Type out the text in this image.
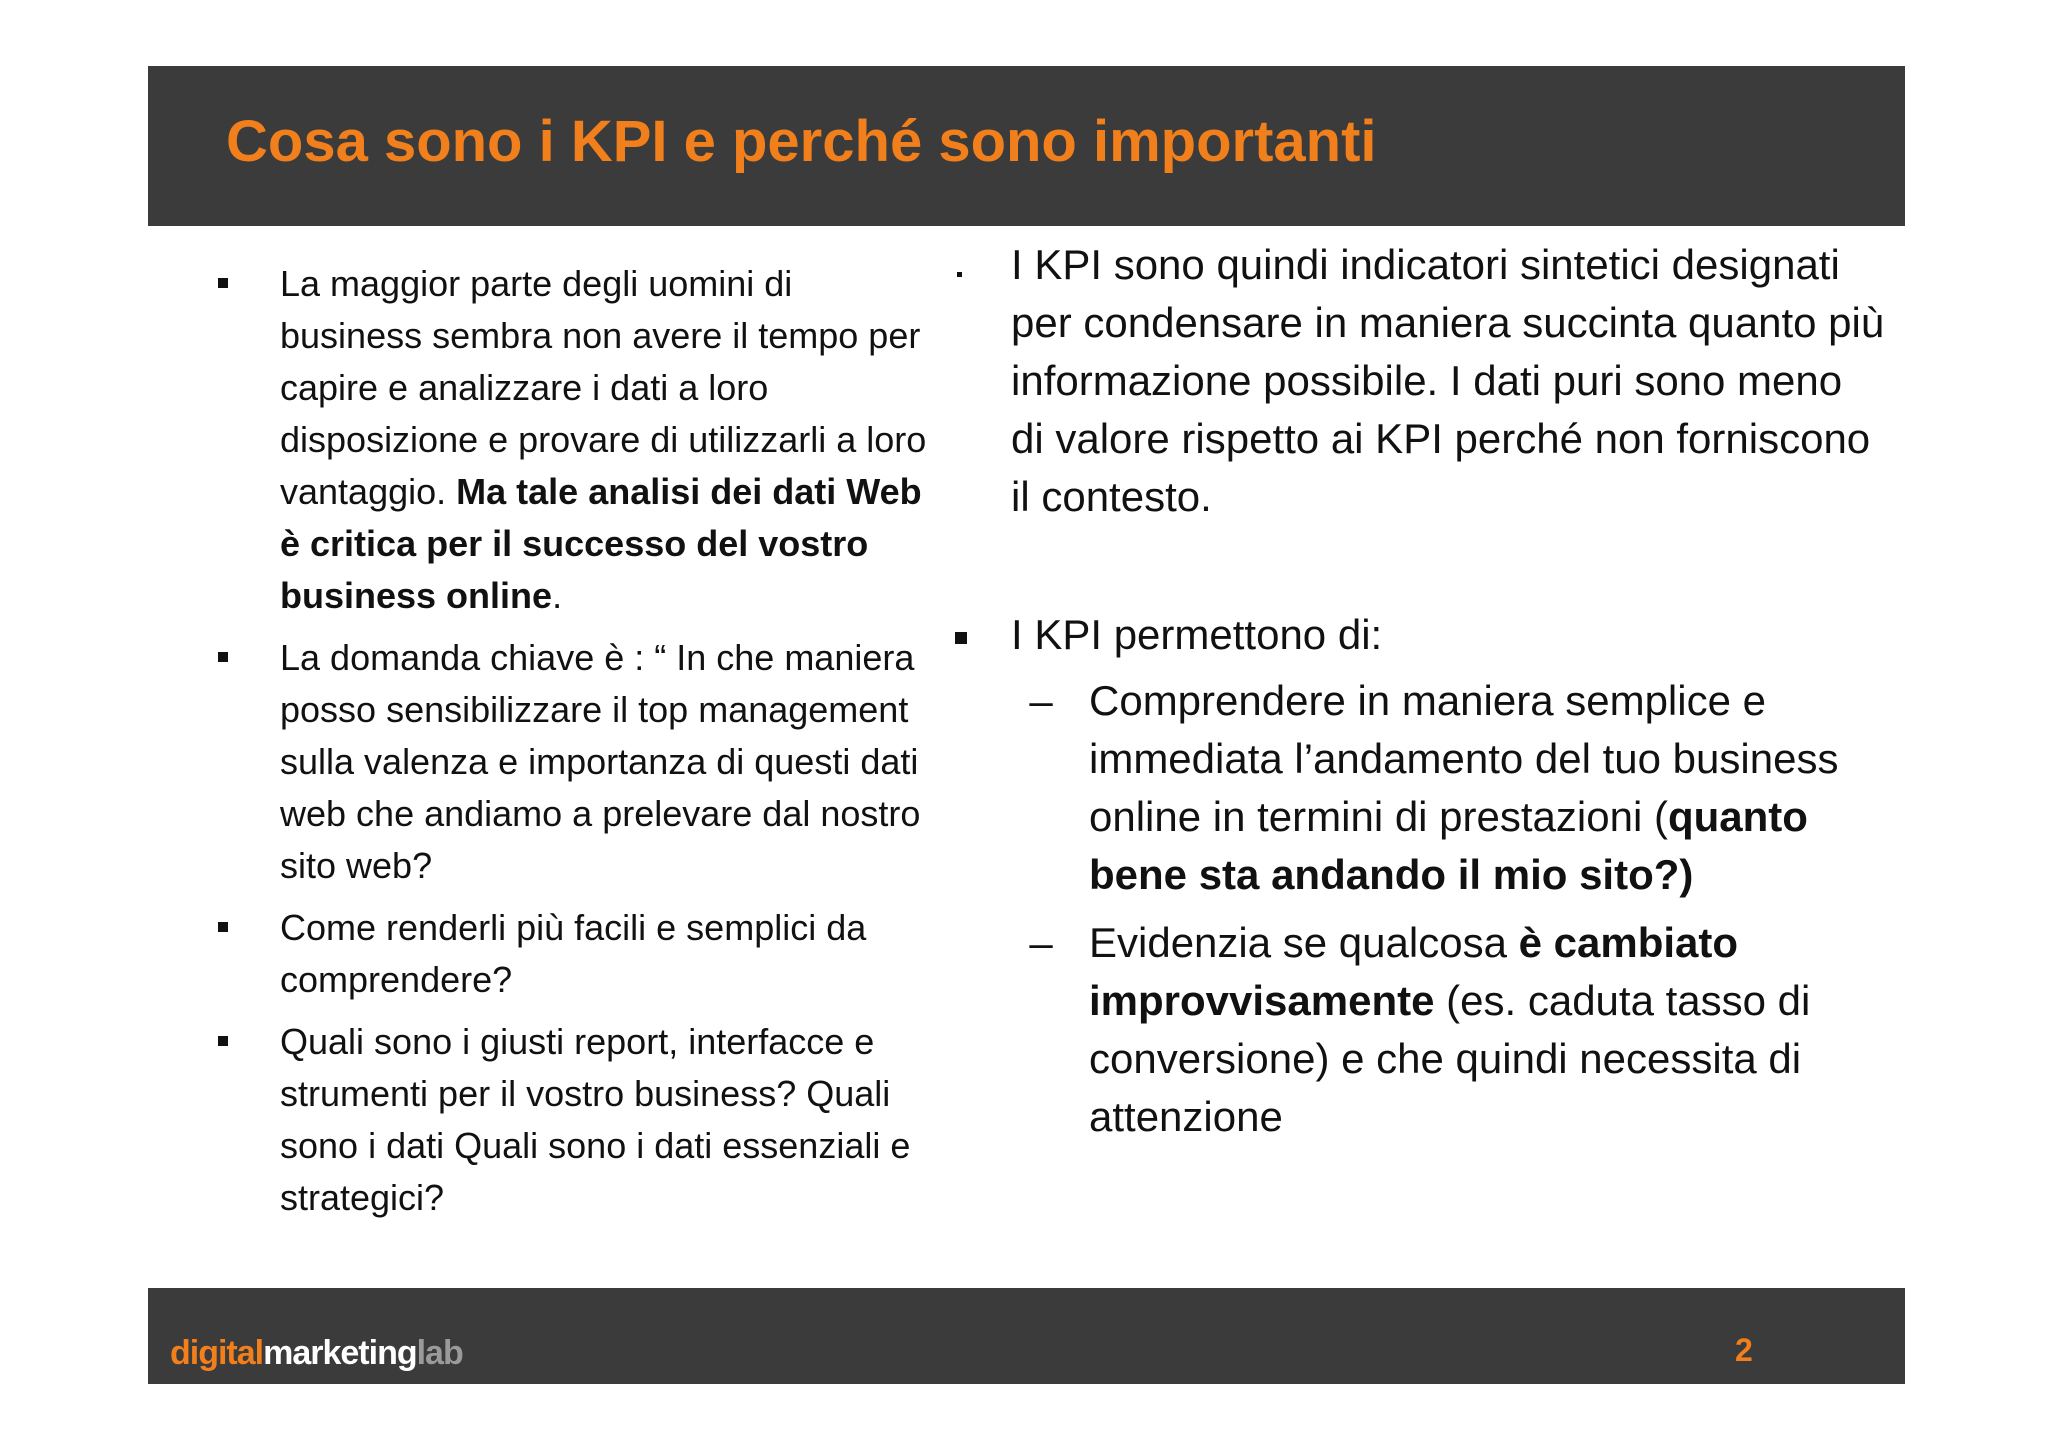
Cosa sono i KPI e perché sono importanti
La maggior parte degli uomini di business sembra non avere il tempo per capire e analizzare i dati a loro disposizione e provare di utilizzarli a loro vantaggio. Ma tale analisi dei dati Web è critica per il successo del vostro business online.
La domanda chiave è : “ In che maniera posso sensibilizzare il top management sulla valenza e importanza di questi dati web che andiamo a prelevare dal nostro sito web?
Come renderli più facili e semplici da comprendere?
Quali sono i giusti report, interfacce e strumenti per il vostro business? Quali sono i dati Quali sono i dati essenziali e strategici?
I KPI sono quindi indicatori sintetici designati per condensare in maniera succinta quanto più informazione possibile. I dati puri sono meno di valore rispetto ai KPI perché non forniscono il contesto.
I KPI permettono di:
– Comprendere in maniera semplice e immediata l’andamento del tuo business online in termini di prestazioni (quanto bene sta andando il mio sito?)
– Evidenzia se qualcosa è cambiato improvvisamente (es. caduta tasso di conversione) e che quindi necessita di attenzione
digitalmarketinglab	2
